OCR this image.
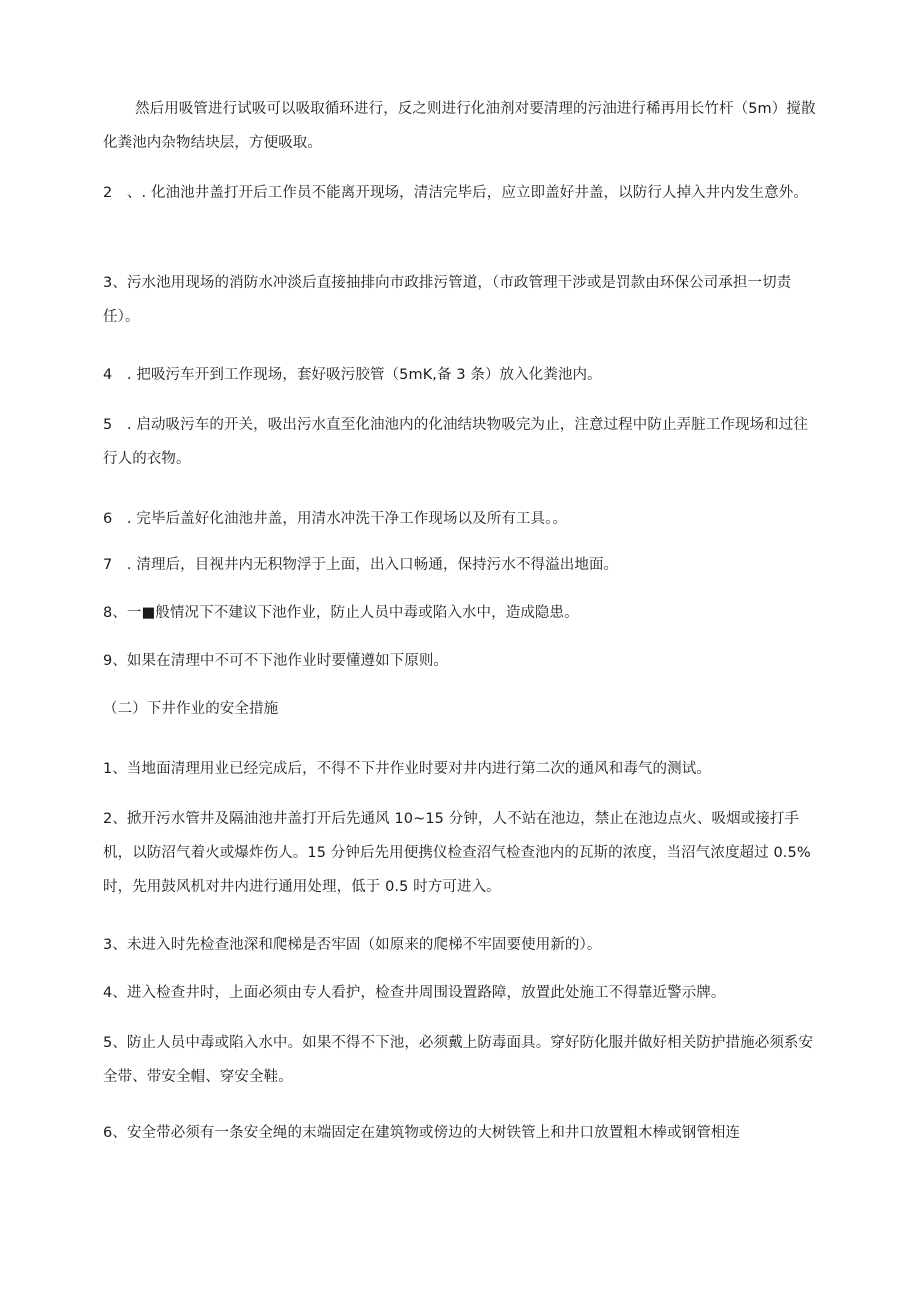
然后用吸管进行试吸可以吸取循环进行，反之则进行化油剂对要清理的污油进行稀再用长竹杆（5m）搅散化粪池内杂物结块层，方便吸取。

2　、. 化油池井盖打开后工作员不能离开现场，清洁完毕后，应立即盖好井盖，以防行人掉入井内发生意外。

3、污水池用现场的消防水冲淡后直接抽排向市政排污管道，（市政管理干涉或是罚款由环保公司承担一切责任）。

4　. 把吸污车开到工作现场，套好吸污胶管（5mK,备 3 条）放入化粪池内。

5　. 启动吸污车的开关，吸出污水直至化油池内的化油结块物吸完为止，注意过程中防止弄脏工作现场和过往行人的衣物。

6　. 完毕后盖好化油池井盖，用清水冲洗干净工作现场以及所有工具。。

7　. 清理后，目视井内无积物浮于上面，出入口畅通，保持污水不得溢出地面。

8、一■般情况下不建议下池作业，防止人员中毒或陷入水中，造成隐患。

9、如果在清理中不可不下池作业时要懂遵如下原则。

（二）下井作业的安全措施

1、当地面清理用业已经完成后，不得不下井作业时要对井内进行第二次的通风和毒气的测试。

2、掀开污水管井及隔油池井盖打开后先通风 10~15 分钟，人不站在池边，禁止在池边点火、吸烟或接打手机，以防沼气着火或爆炸伤人。15 分钟后先用便携仪检查沼气检查池内的瓦斯的浓度，当沼气浓度超过 0.5%时，先用鼓风机对井内进行通用处理，低于 0.5 时方可进入。

3、未进入时先检查池深和爬梯是否牢固（如原来的爬梯不牢固要使用新的）。

4、进入检查井时，上面必须由专人看护，检查井周围设置路障，放置此处施工不得靠近警示牌。

5、防止人员中毒或陷入水中。如果不得不下池，必须戴上防毒面具。穿好防化服并做好相关防护措施必须系安全带、带安全帽、穿安全鞋。

6、安全带必须有一条安全绳的末端固定在建筑物或傍边的大树铁管上和井口放置粗木棒或钢管相连
